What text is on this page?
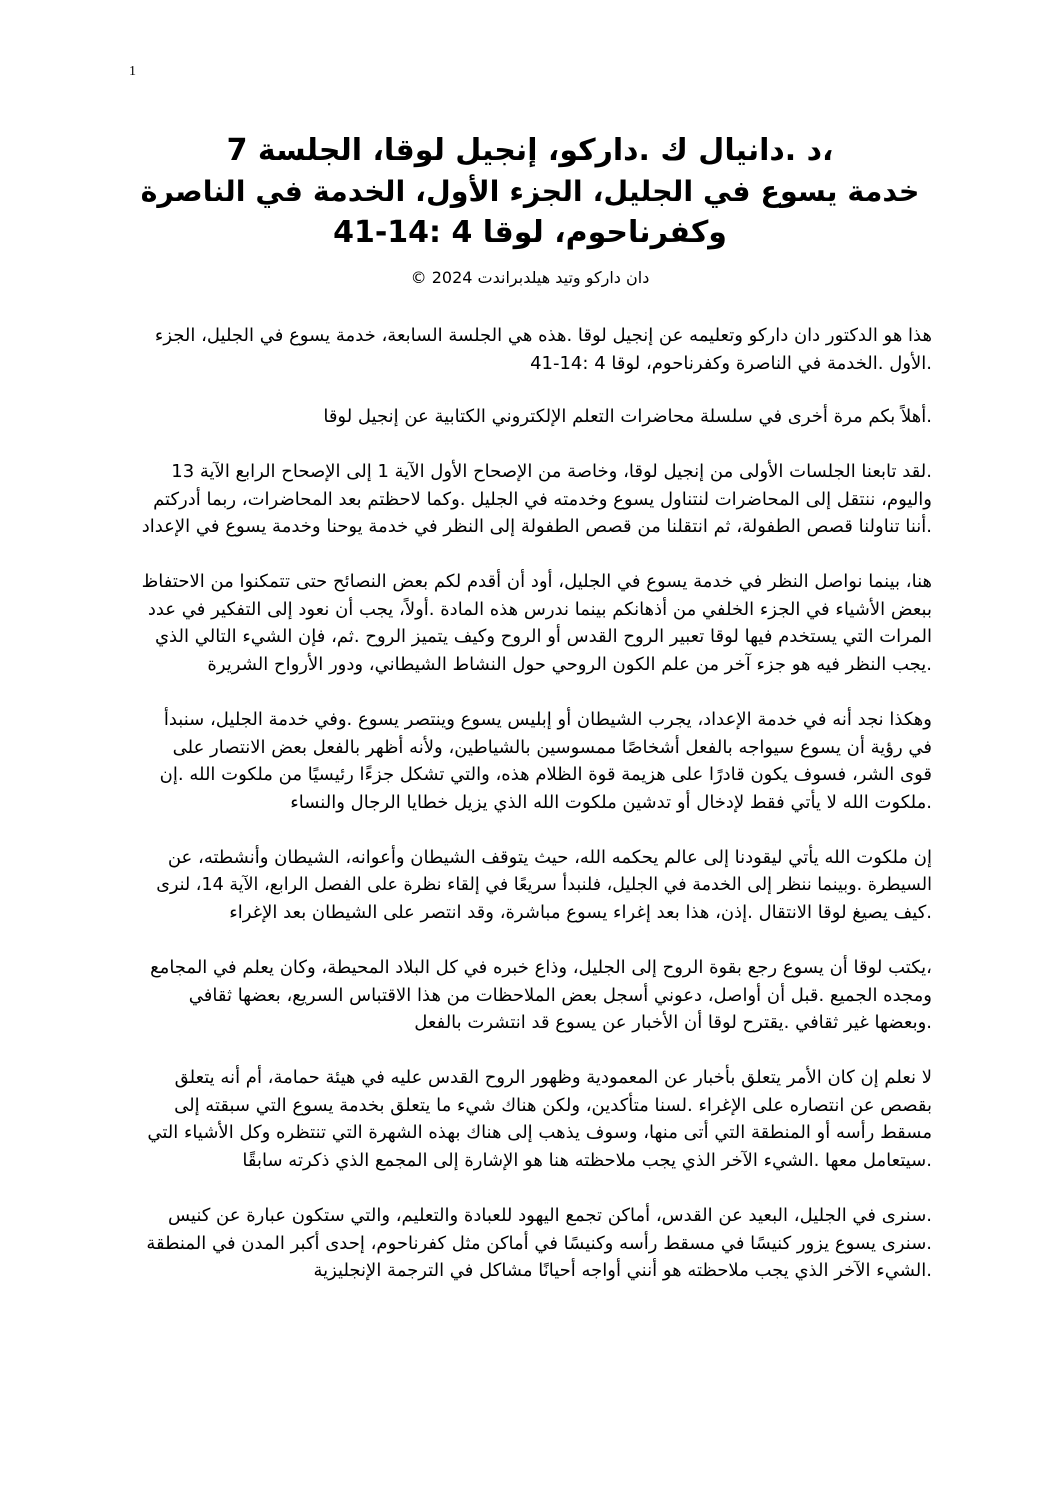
1
،د .دانيال ك .داركو، إنجيل لوقا، الجلسة 7
خدمة يسوع في الجليل، الجزء الأول، الخدمة في الناصرة
وكفرناحوم، لوقا 4 :14-41
دان داركو وتيد هيلدبراندت 2024 ©
هذا هو الدكتور دان داركو وتعليمه عن إنجيل لوقا .هذه هي الجلسة السابعة، خدمة يسوع في الجليل، الجزء
.الأول .الخدمة في الناصرة وكفرناحوم، لوقا 4 :14-41
.أهلاً بكم مرة أخرى في سلسلة محاضرات التعلم الإلكتروني الكتابية عن إنجيل لوقا
.لقد تابعنا الجلسات الأولى من إنجيل لوقا، وخاصة من الإصحاح الأول الآية 1 إلى الإصحاح الرابع الآية 13
واليوم، ننتقل إلى المحاضرات لنتناول يسوع وخدمته في الجليل .وكما لاحظتم بعد المحاضرات، ربما أدركتم
.أننا تناولنا قصص الطفولة، ثم انتقلنا من قصص الطفولة إلى النظر في خدمة يوحنا وخدمة يسوع في الإعداد
هنا، بينما نواصل النظر في خدمة يسوع في الجليل، أود أن أقدم لكم بعض النصائح حتى تتمكنوا من الاحتفاظ
ببعض الأشياء في الجزء الخلفي من أذهانكم بينما ندرس هذه المادة .أولاً، يجب أن نعود إلى التفكير في عدد
المرات التي يستخدم فيها لوقا تعبير الروح القدس أو الروح وكيف يتميز الروح .ثم، فإن الشيء التالي الذي
.يجب النظر فيه هو جزء آخر من علم الكون الروحي حول النشاط الشيطاني، ودور الأرواح الشريرة
وهكذا نجد أنه في خدمة الإعداد، يجرب الشيطان أو إبليس يسوع وينتصر يسوع .وفي خدمة الجليل، سنبدأ
في رؤية أن يسوع سيواجه بالفعل أشخاصًا ممسوسين بالشياطين، ولأنه أظهر بالفعل بعض الانتصار على
قوى الشر، فسوف يكون قادرًا على هزيمة قوة الظلام هذه، والتي تشكل جزءًا رئيسيًا من ملكوت الله .إن
.ملكوت الله لا يأتي فقط لإدخال أو تدشين ملكوت الله الذي يزيل خطايا الرجال والنساء
إن ملكوت الله يأتي ليقودنا إلى عالم يحكمه الله، حيث يتوقف الشيطان وأعوانه، الشيطان وأنشطته، عن
السيطرة .وبينما ننظر إلى الخدمة في الجليل، فلنبدأ سريعًا في إلقاء نظرة على الفصل الرابع، الآية 14، لنرى
.كيف يصيغ لوقا الانتقال .إذن، هذا بعد إغراء يسوع مباشرة، وقد انتصر على الشيطان بعد الإغراء
،يكتب لوقا أن يسوع رجع بقوة الروح إلى الجليل، وذاع خبره في كل البلاد المحيطة، وكان يعلم في المجامع
ومجده الجميع .قبل أن أواصل، دعوني أسجل بعض الملاحظات من هذا الاقتباس السريع، بعضها ثقافي
.وبعضها غير ثقافي .يقترح لوقا أن الأخبار عن يسوع قد انتشرت بالفعل
لا نعلم إن كان الأمر يتعلق بأخبار عن المعمودية وظهور الروح القدس عليه في هيئة حمامة، أم أنه يتعلق
بقصص عن انتصاره على الإغراء .لسنا متأكدين، ولكن هناك شيء ما يتعلق بخدمة يسوع التي سبقته إلى
مسقط رأسه أو المنطقة التي أتى منها، وسوف يذهب إلى هناك بهذه الشهرة التي تنتظره وكل الأشياء التي
.سيتعامل معها .الشيء الآخر الذي يجب ملاحظته هنا هو الإشارة إلى المجمع الذي ذكرته سابقًا
.سنرى في الجليل، البعيد عن القدس، أماكن تجمع اليهود للعبادة والتعليم، والتي ستكون عبارة عن كنيس
.سنرى يسوع يزور كنيسًا في مسقط رأسه وكنيسًا في أماكن مثل كفرناحوم، إحدى أكبر المدن في المنطقة
.الشيء الآخر الذي يجب ملاحظته هو أنني أواجه أحيانًا مشاكل في الترجمة الإنجليزية
